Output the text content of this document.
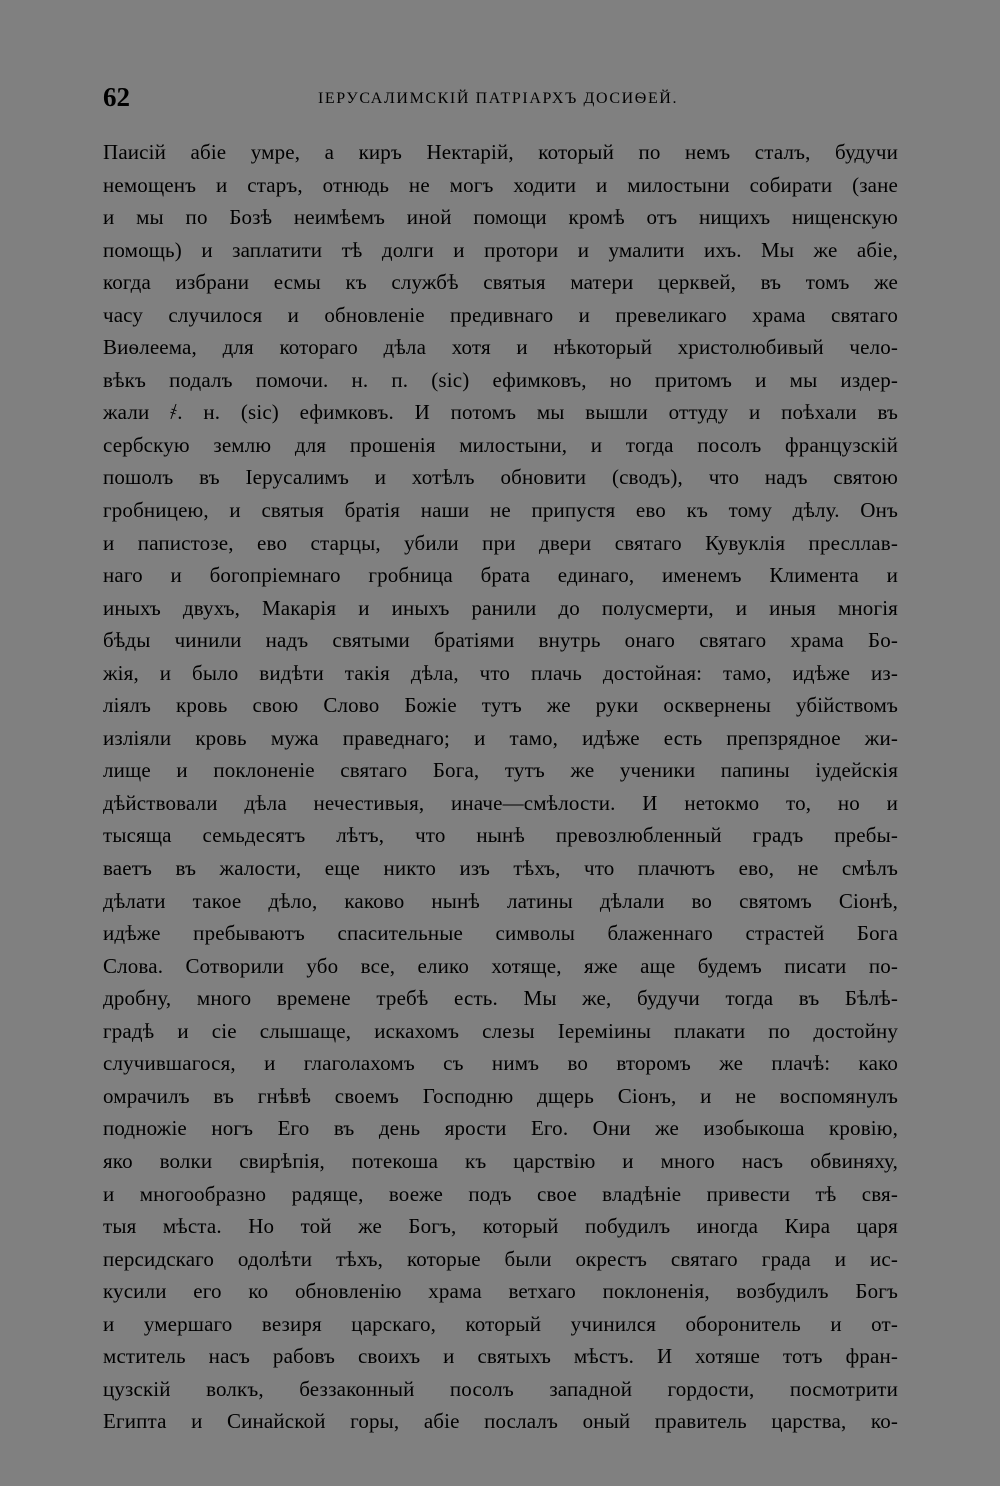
62	IЕРУСАЛИМСКIЙ ПАТРIАРХЪ ДОСИѲЕЙ.
Паисiй абiе умре, а киръ Нектарiй, который по немъ сталъ, будучи
немощенъ и старъ, отнюдь не могъ ходити и милостыни собирати (зане
и мы по Бозѣ неимѣемъ иной помощи кромѣ отъ нищихъ нищенскую
помощь) и заплатити тѣ долги и протори и умалити ихъ. Мы же абiе,
когда избрани есмы къ службѣ святыя матери церквей, въ томъ же
часу случилося и обновленiе предивнаго и превеликаго храма святаго
Виѳлеема, для котораго дѣла хотя и нѣкоторый христолюбивый чело-
вѣкъ подалъ помочи. н. п. (sic) ефимковъ, но притомъ и мы издер-
жали ҂. н. (sic) ефимковъ. И потомъ мы вышли оттуду и поѣхали въ
сербскую землю для прошенiя милостыни, и тогда посолъ французскiй
пошолъ въ Iерусалимъ и хотѣлъ обновити (сводъ), что надъ святою
гробницею, и святыя братiя наши не припустя ево къ тому дѣлу. Онъ
и папистозе, ево старцы, убили при двери святаго Кувуклiя пресллав-
наго и богопрiемнаго гробница брата единаго, именемъ Климента и
иныхъ двухъ, Макарiя и иныхъ ранили до полусмерти, и иныя многiя
бѣды чинили надъ святыми братiями внутрь онаго святаго храма Бо-
жiя, и было видѣти такiя дѣла, что плачь достойная: тамо, идѣже из-
лiялъ кровь свою Слово Божiе тутъ же руки осквернены убiйствомъ
излiяли кровь мужа праведнаго; и тамо, идѣже есть препзрядное жи-
лище и поклоненiе святаго Бога, тутъ же ученики папины iудейскiя
дѣйствовали дѣла нечестивыя, иначе—смѣлости. И нетокмо то, но и
тысяща семьдесятъ лѣтъ, что нынѣ превозлюбленный градъ пребы-
ваетъ въ жалости, еще никто изъ тѣхъ, что плачютъ ево, не смѣлъ
дѣлати такое дѣло, каково нынѣ латины дѣлали во святомъ Сiонѣ,
идѣже пребываютъ спасительные символы блаженнаго страстей Бога
Слова. Сотворили убо все, елико хотяще, яже аще будемъ писати по-
дробну, много времене требѣ есть. Мы же, будучи тогда въ Бѣлѣ-
градѣ и сiе слышаще, искахомъ слезы Iеремiины плакати по достойну
случившагося, и глаголахомъ съ нимъ во второмъ же плачѣ: како
омрачилъ въ гнѣвѣ своемъ Господню дщерь Сiонъ, и не воспомянулъ
подножiе ногъ Его въ день ярости Его. Они же изобыкоша кровiю,
яко волки свирѣпiя, потекоша къ царствiю и много насъ обвиняху,
и многообразно радяще, воеже подъ свое владѣнiе привести тѣ свя-
тыя мѣста. Но той же Богъ, который побудилъ иногда Кира царя
персидскаго одолѣти тѣхъ, которые были окрестъ святаго града и ис-
кусили его ко обновленiю храма ветхаго поклоненiя, возбудилъ Богъ
и умершаго везиря царскаго, который учинился оборонитель и от-
мститель насъ рабовъ своихъ и святыхъ мѣстъ. И хотяше тотъ фран-
цузскiй волкъ, беззаконный посолъ западной гордости, посмотрити
Египта и Синайской горы, абiе послалъ оный правитель царства, ко-
